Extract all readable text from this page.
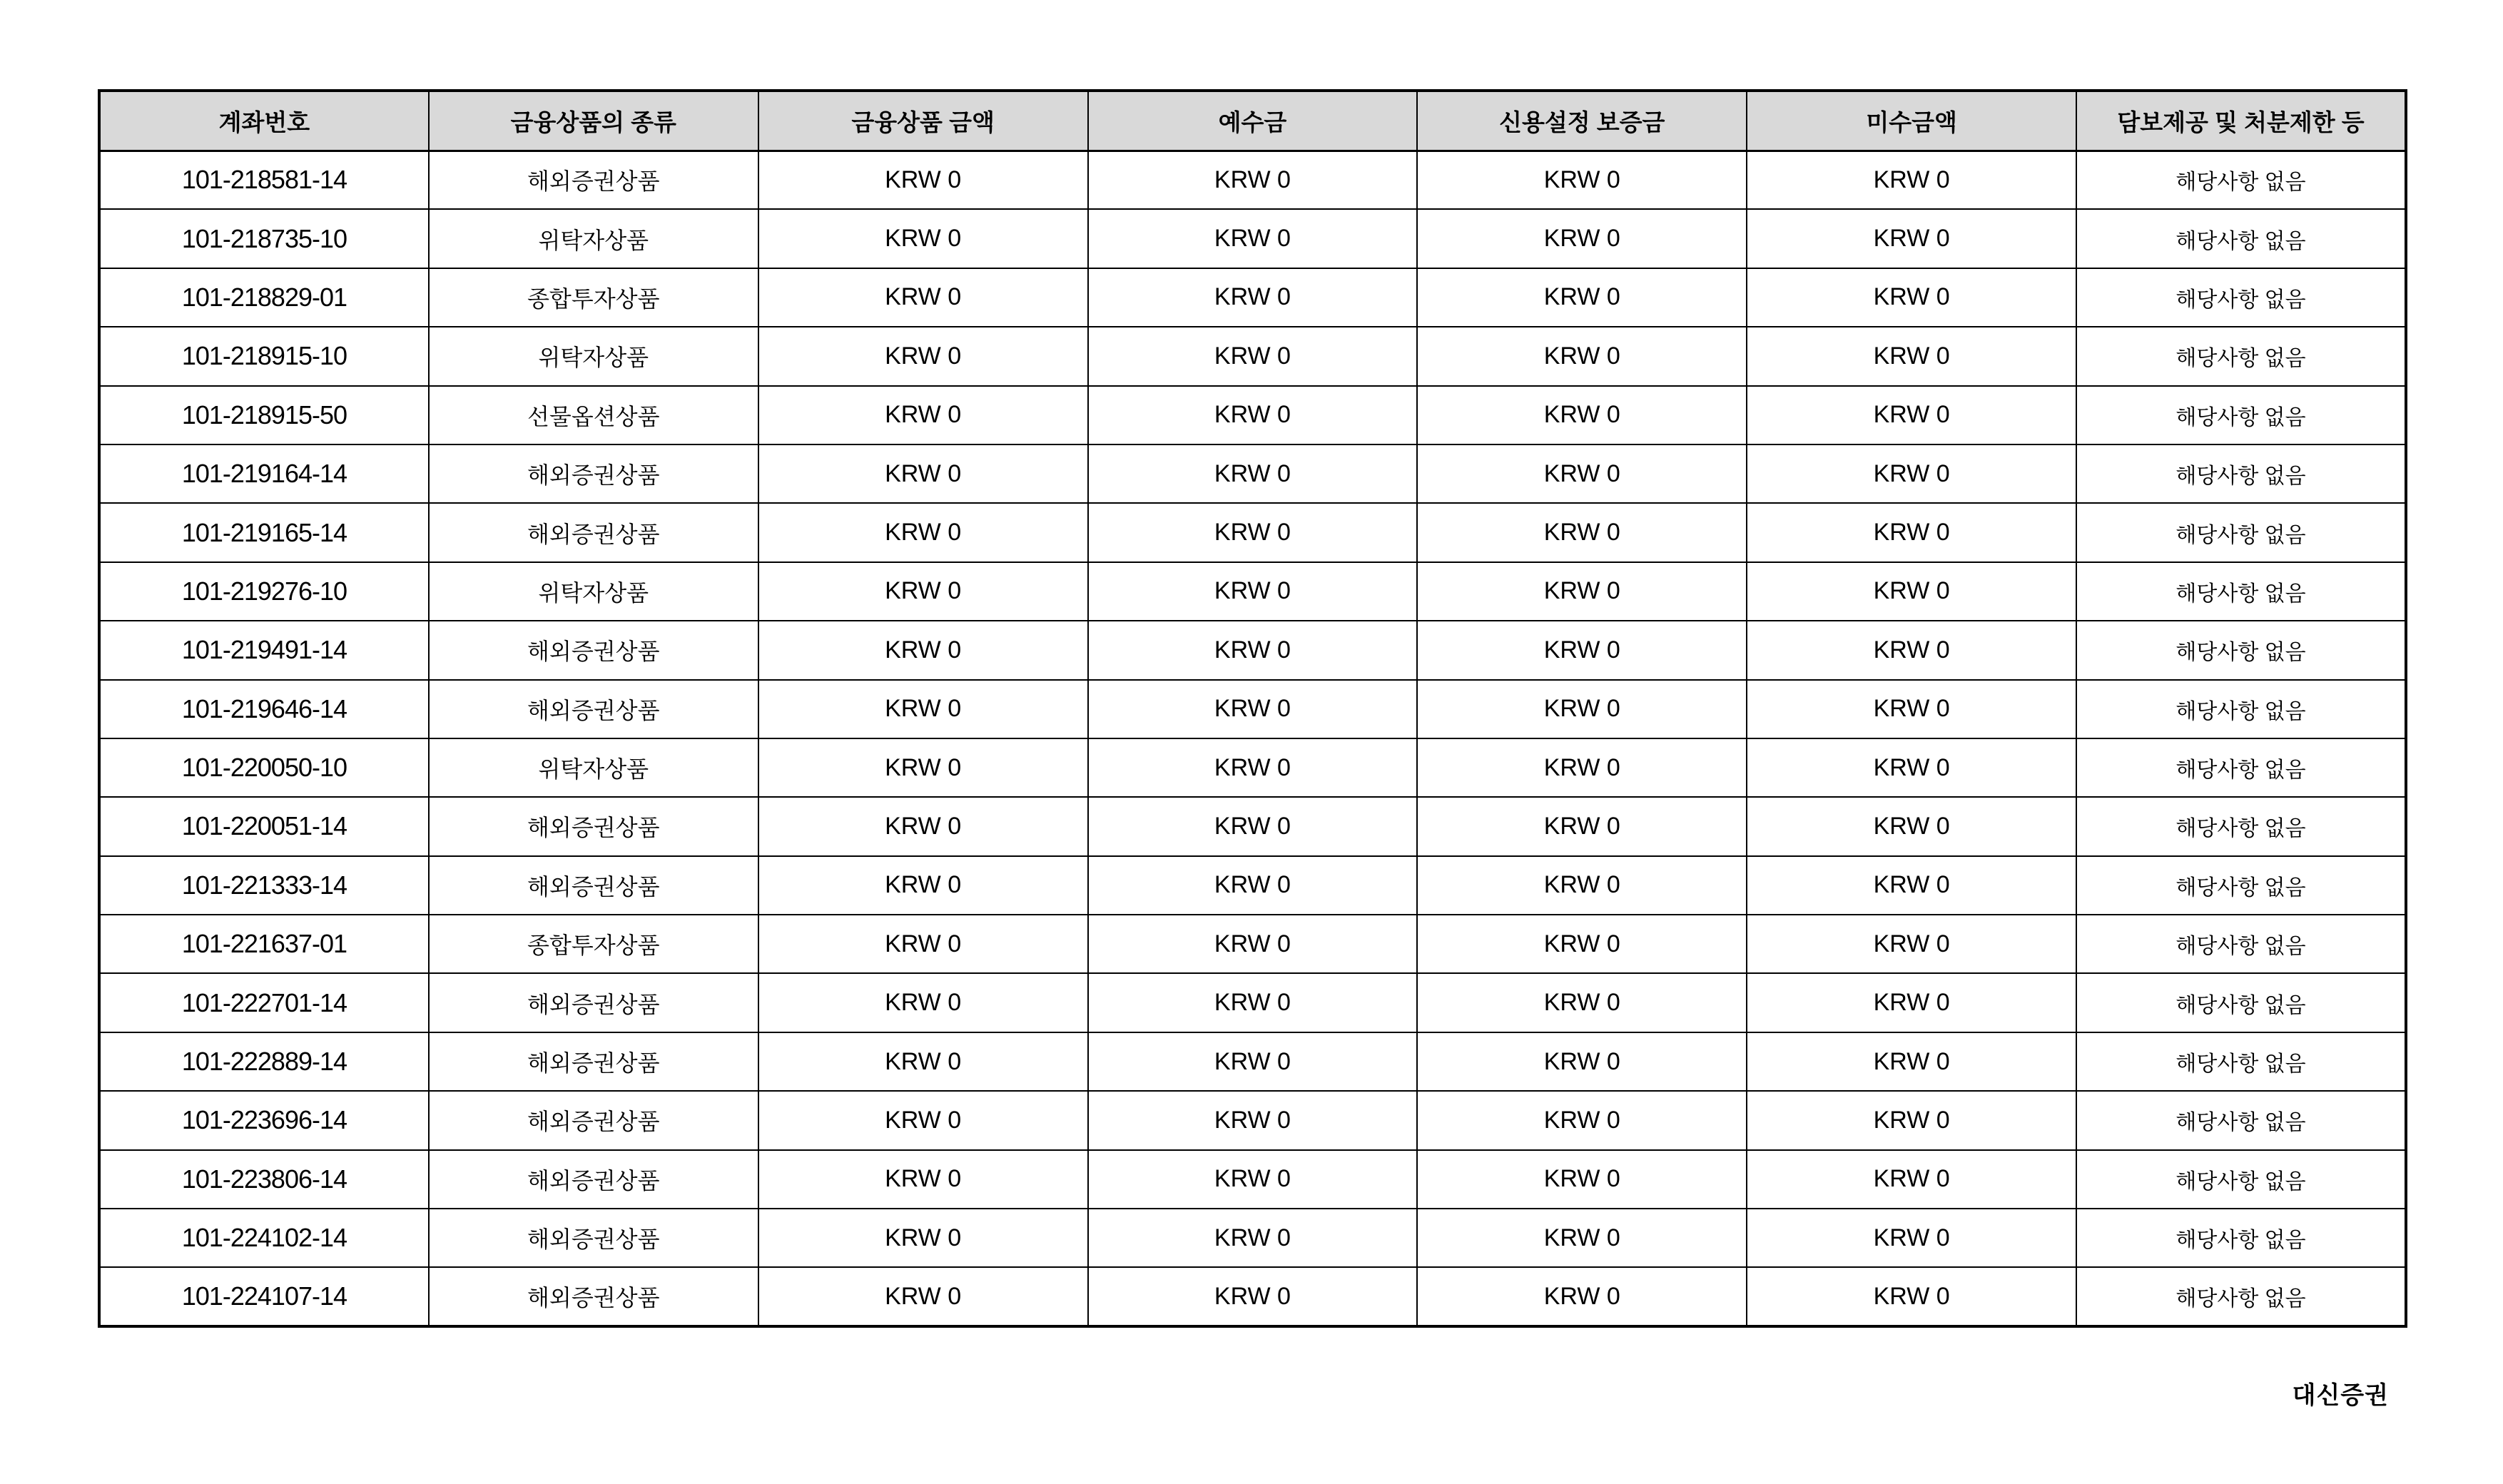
계좌번호	금융상품의 종류	금융상품 금액	예수금	신용설정 보증금	미수금액	담보제공 및 처분제한 등
101-218581-14	해외증권상품	KRW 0	KRW 0	KRW 0	KRW 0	해당사항 없음
101-218735-10	위탁자상품	KRW 0	KRW 0	KRW 0	KRW 0	해당사항 없음
101-218829-01	종합투자상품	KRW 0	KRW 0	KRW 0	KRW 0	해당사항 없음
101-218915-10	위탁자상품	KRW 0	KRW 0	KRW 0	KRW 0	해당사항 없음
101-218915-50	선물옵션상품	KRW 0	KRW 0	KRW 0	KRW 0	해당사항 없음
101-219164-14	해외증권상품	KRW 0	KRW 0	KRW 0	KRW 0	해당사항 없음
101-219165-14	해외증권상품	KRW 0	KRW 0	KRW 0	KRW 0	해당사항 없음
101-219276-10	위탁자상품	KRW 0	KRW 0	KRW 0	KRW 0	해당사항 없음
101-219491-14	해외증권상품	KRW 0	KRW 0	KRW 0	KRW 0	해당사항 없음
101-219646-14	해외증권상품	KRW 0	KRW 0	KRW 0	KRW 0	해당사항 없음
101-220050-10	위탁자상품	KRW 0	KRW 0	KRW 0	KRW 0	해당사항 없음
101-220051-14	해외증권상품	KRW 0	KRW 0	KRW 0	KRW 0	해당사항 없음
101-221333-14	해외증권상품	KRW 0	KRW 0	KRW 0	KRW 0	해당사항 없음
101-221637-01	종합투자상품	KRW 0	KRW 0	KRW 0	KRW 0	해당사항 없음
101-222701-14	해외증권상품	KRW 0	KRW 0	KRW 0	KRW 0	해당사항 없음
101-222889-14	해외증권상품	KRW 0	KRW 0	KRW 0	KRW 0	해당사항 없음
101-223696-14	해외증권상품	KRW 0	KRW 0	KRW 0	KRW 0	해당사항 없음
101-223806-14	해외증권상품	KRW 0	KRW 0	KRW 0	KRW 0	해당사항 없음
101-224102-14	해외증권상품	KRW 0	KRW 0	KRW 0	KRW 0	해당사항 없음
101-224107-14	해외증권상품	KRW 0	KRW 0	KRW 0	KRW 0	해당사항 없음
대신증권
